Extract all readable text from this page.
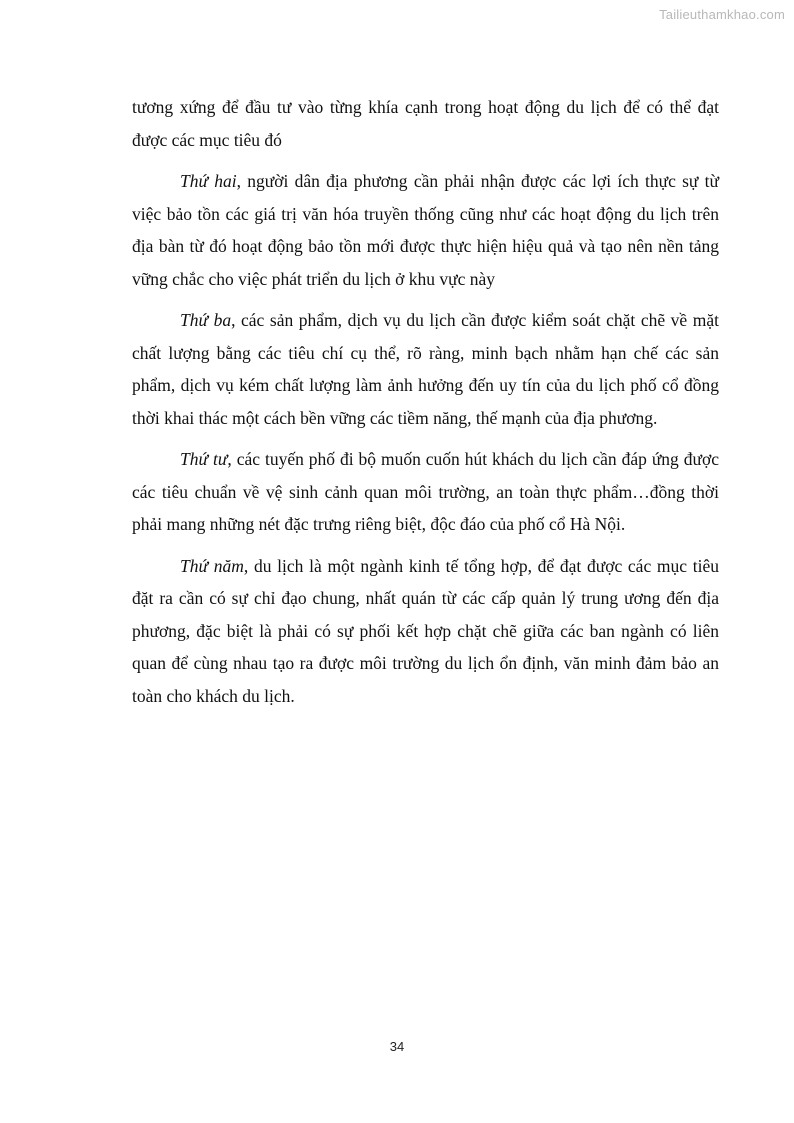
Tailieuthamkhao.com

tương xứng để đầu tư vào từng khía cạnh trong hoạt động du lịch để có thể đạt được các mục tiêu đó

Thứ hai, người dân địa phương cần phải nhận được các lợi ích thực sự từ việc bảo tồn các giá trị văn hóa truyền thống cũng như các hoạt động du lịch trên địa bàn từ đó hoạt động bảo tồn mới được thực hiện hiệu quả và tạo nên nền tảng vững chắc cho việc phát triển du lịch ở khu vực này

Thứ ba, các sản phẩm, dịch vụ du lịch cần được kiểm soát chặt chẽ về mặt chất lượng bằng các tiêu chí cụ thể, rõ ràng, minh bạch nhằm hạn chế các sản phẩm, dịch vụ kém chất lượng làm ảnh hưởng đến uy tín của du lịch phố cổ đồng thời khai thác một cách bền vững các tiềm năng, thế mạnh của địa phương.

Thứ tư, các tuyến phố đi bộ muốn cuốn hút khách du lịch cần đáp ứng được các tiêu chuẩn về vệ sinh cảnh quan môi trường, an toàn thực phẩm…đồng thời phải mang những nét đặc trưng riêng biệt, độc đáo của phố cổ Hà Nội.

Thứ năm, du lịch là một ngành kinh tế tổng hợp, để đạt được các mục tiêu đặt ra cần có sự chỉ đạo chung, nhất quán từ các cấp quản lý trung ương đến địa phương, đặc biệt là phải có sự phối kết hợp chặt chẽ giữa các ban ngành có liên quan để cùng nhau tạo ra được môi trường du lịch ổn định, văn minh đảm bảo an toàn cho khách du lịch.

34
